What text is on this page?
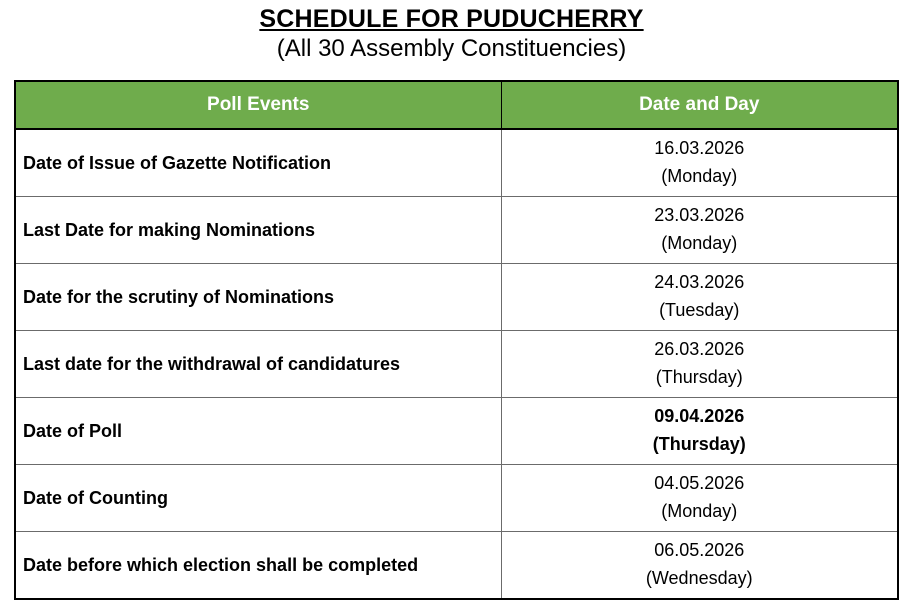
SCHEDULE FOR PUDUCHERRY
(All 30 Assembly Constituencies)
Poll Events	Date and Day
Date of Issue of Gazette Notification	16.03.2026
(Monday)
Last Date for making Nominations	23.03.2026
(Monday)
Date for the scrutiny of Nominations	24.03.2026
(Tuesday)
Last date for the withdrawal of candidatures	26.03.2026
(Thursday)
Date of Poll	09.04.2026
(Thursday)
Date of Counting	04.05.2026
(Monday)
Date before which election shall be completed	06.05.2026
(Wednesday)
